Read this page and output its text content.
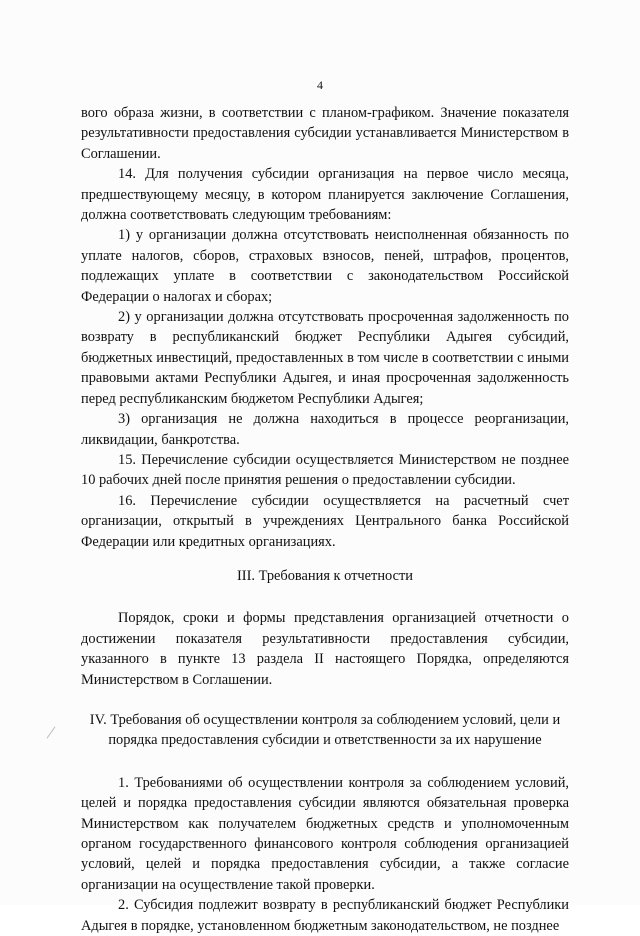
4

вого образа жизни, в соответствии с планом-графиком. Значение показателя результативности предоставления субсидии устанавливается Министерством в Соглашении.

14. Для получения субсидии организация на первое число месяца, предшествующему месяцу, в котором планируется заключение Соглашения, должна соответствовать следующим требованиям:

1) у организации должна отсутствовать неисполненная обязанность по уплате налогов, сборов, страховых взносов, пеней, штрафов, процентов, подлежащих уплате в соответствии с законодательством Российской Федерации о налогах и сборах;

2) у организации должна отсутствовать просроченная задолженность по возврату в республиканский бюджет Республики Адыгея субсидий, бюджетных инвестиций, предоставленных в том числе в соответствии с иными правовыми актами Республики Адыгея, и иная просроченная задолженность перед республиканским бюджетом Республики Адыгея;

3) организация не должна находиться в процессе реорганизации, ликвидации, банкротства.

15. Перечисление субсидии осуществляется Министерством не позднее 10 рабочих дней после принятия решения о предоставлении субсидии.

16. Перечисление субсидии осуществляется на расчетный счет организации, открытый в учреждениях Центрального банка Российской Федерации или кредитных организациях.

III. Требования к отчетности

Порядок, сроки и формы представления организацией отчетности о достижении показателя результативности предоставления субсидии, указанного в пункте 13 раздела II настоящего Порядка, определяются Министерством в Соглашении.

IV. Требования об осуществлении контроля за соблюдением условий, цели и порядка предоставления субсидии и ответственности за их нарушение

1. Требованиями об осуществлении контроля за соблюдением условий, целей и порядка предоставления субсидии являются обязательная проверка Министерством как получателем бюджетных средств и уполномоченным органом государственного финансового контроля соблюдения организацией условий, целей и порядка предоставления субсидии, а также согласие организации на осуществление такой проверки.

2. Субсидия подлежит возврату в республиканский бюджет Республики Адыгея в порядке, установленном бюджетным законодательством, не позднее
